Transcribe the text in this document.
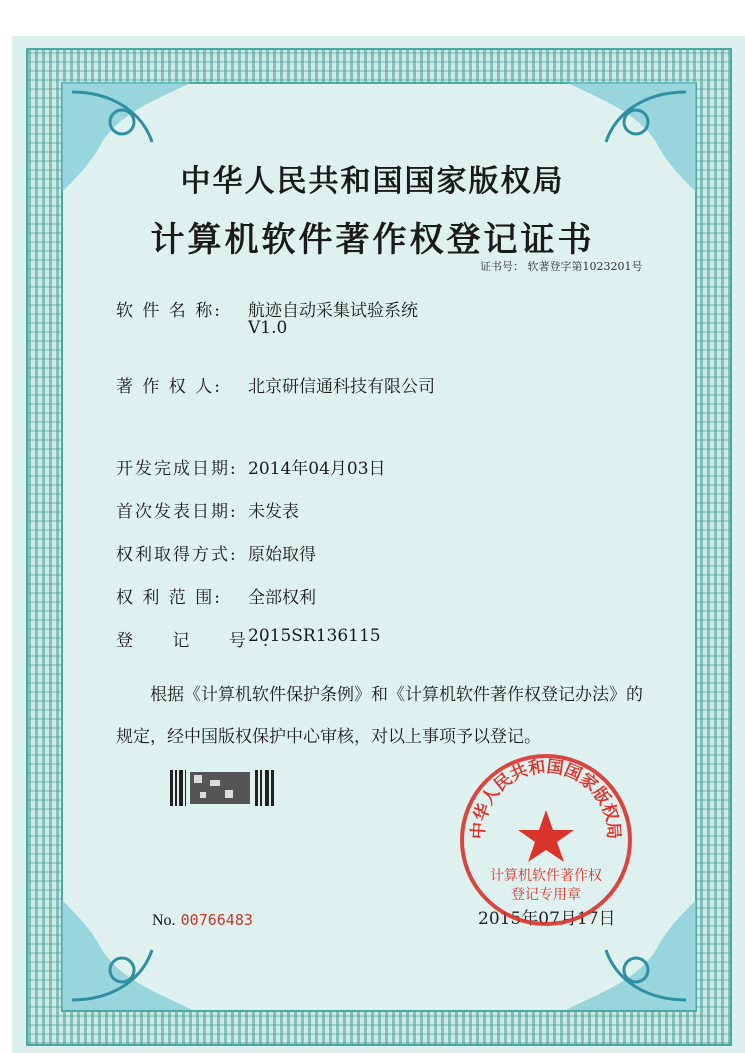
中华人民共和国国家版权局
计算机软件著作权登记证书
证书号： 软著登字第1023201号
软 件 名 称: 航迹自动采集试验系统
V1.0
著 作 权 人: 北京研信通科技有限公司
开发完成日期: 2014年04月03日
首次发表日期: 未发表
权利取得方式: 原始取得
权 利 范 围: 全部权利
登 记 号:
2015SR136115
根据《计算机软件保护条例》和《计算机软件著作权登记办法》的
规定，经中国版权保护中心审核，对以上事项予以登记。
No. 00766483	2015年07月17日
中华人民共和国国家版权局
计算机软件著作权
登记专用章
